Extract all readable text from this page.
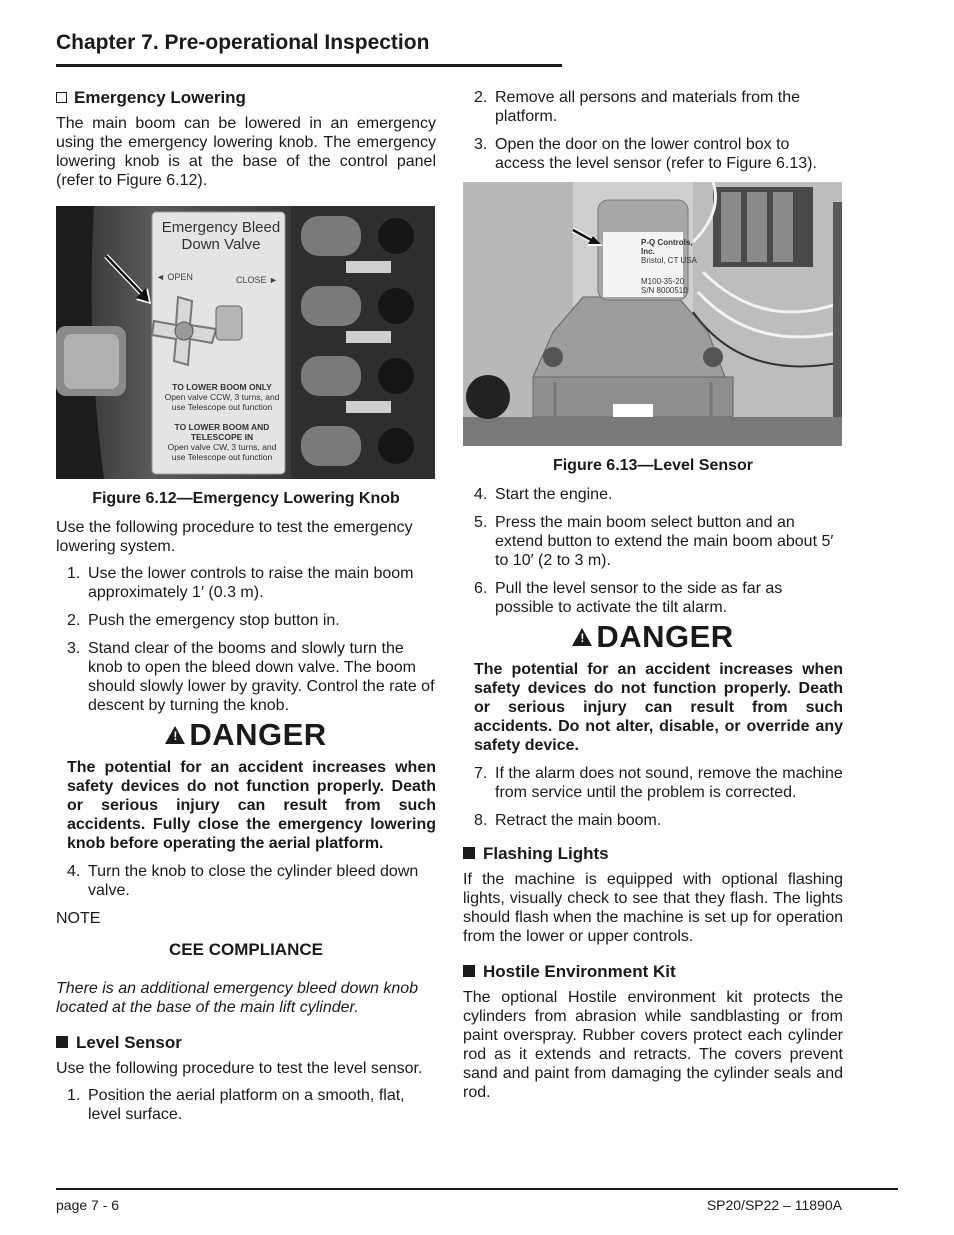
Chapter 7. Pre-operational Inspection
Emergency Lowering

The main boom can be lowered in an emergency using the emergency lowering knob. The emergency lowering knob is at the base of the control panel (refer to Figure 6.12).

Emergency Bleed
Down Valve
◄ OPEN	CLOSE ►
TO LOWER BOOM ONLY
Open valve CCW, 3 turns, and use Telescope out function
TO LOWER BOOM AND TELESCOPE IN
Open valve CW, 3 turns, and use Telescope out function
Figure 6.12—Emergency Lowering Knob

Use the following procedure to test the emergency lowering system.

1. Use the lower controls to raise the main boom approximately 1′ (0.3 m).
2. Push the emergency stop button in.
3. Stand clear of the booms and slowly turn the knob to open the bleed down valve. The boom should slowly lower by gravity. Control the rate of descent by turning the knob.
! DANGER
The potential for an accident increases when safety devices do not function properly. Death or serious injury can result from such accidents. Fully close the emergency lowering knob before operating the aerial platform.
4. Turn the knob to close the cylinder bleed down valve.
NOTE
CEE COMPLIANCE
There is an additional emergency bleed down knob located at the base of the main lift cylinder.
Level Sensor

Use the following procedure to test the level sensor.

1. Position the aerial platform on a smooth, flat, level surface.
2. Remove all persons and materials from the platform.
3. Open the door on the lower control box to access the level sensor (refer to Figure 6.13).
P-Q Controls, Inc.
Bristol, CT USA
M100-35-20
S/N 8000510
Figure 6.13—Level Sensor
4. Start the engine.
5. Press the main boom select button and an extend button to extend the main boom about 5′ to 10′ (2 to 3 m).
6. Pull the level sensor to the side as far as possible to activate the tilt alarm.
! DANGER
The potential for an accident increases when safety devices do not function properly. Death or serious injury can result from such accidents. Do not alter, disable, or override any safety device.
7. If the alarm does not sound, remove the machine from service until the problem is corrected.
8. Retract the main boom.
Flashing Lights

If the machine is equipped with optional flashing lights, visually check to see that they flash. The lights should flash when the machine is set up for operation from the lower or upper controls.

Hostile Environment Kit

The optional Hostile environment kit protects the cylinders from abrasion while sandblasting or from paint overspray. Rubber covers protect each cylinder rod as it extends and retracts. The covers prevent sand and paint from damaging the cylinder seals and rod.

page 7 - 6	SP20/SP22 – 11890A
